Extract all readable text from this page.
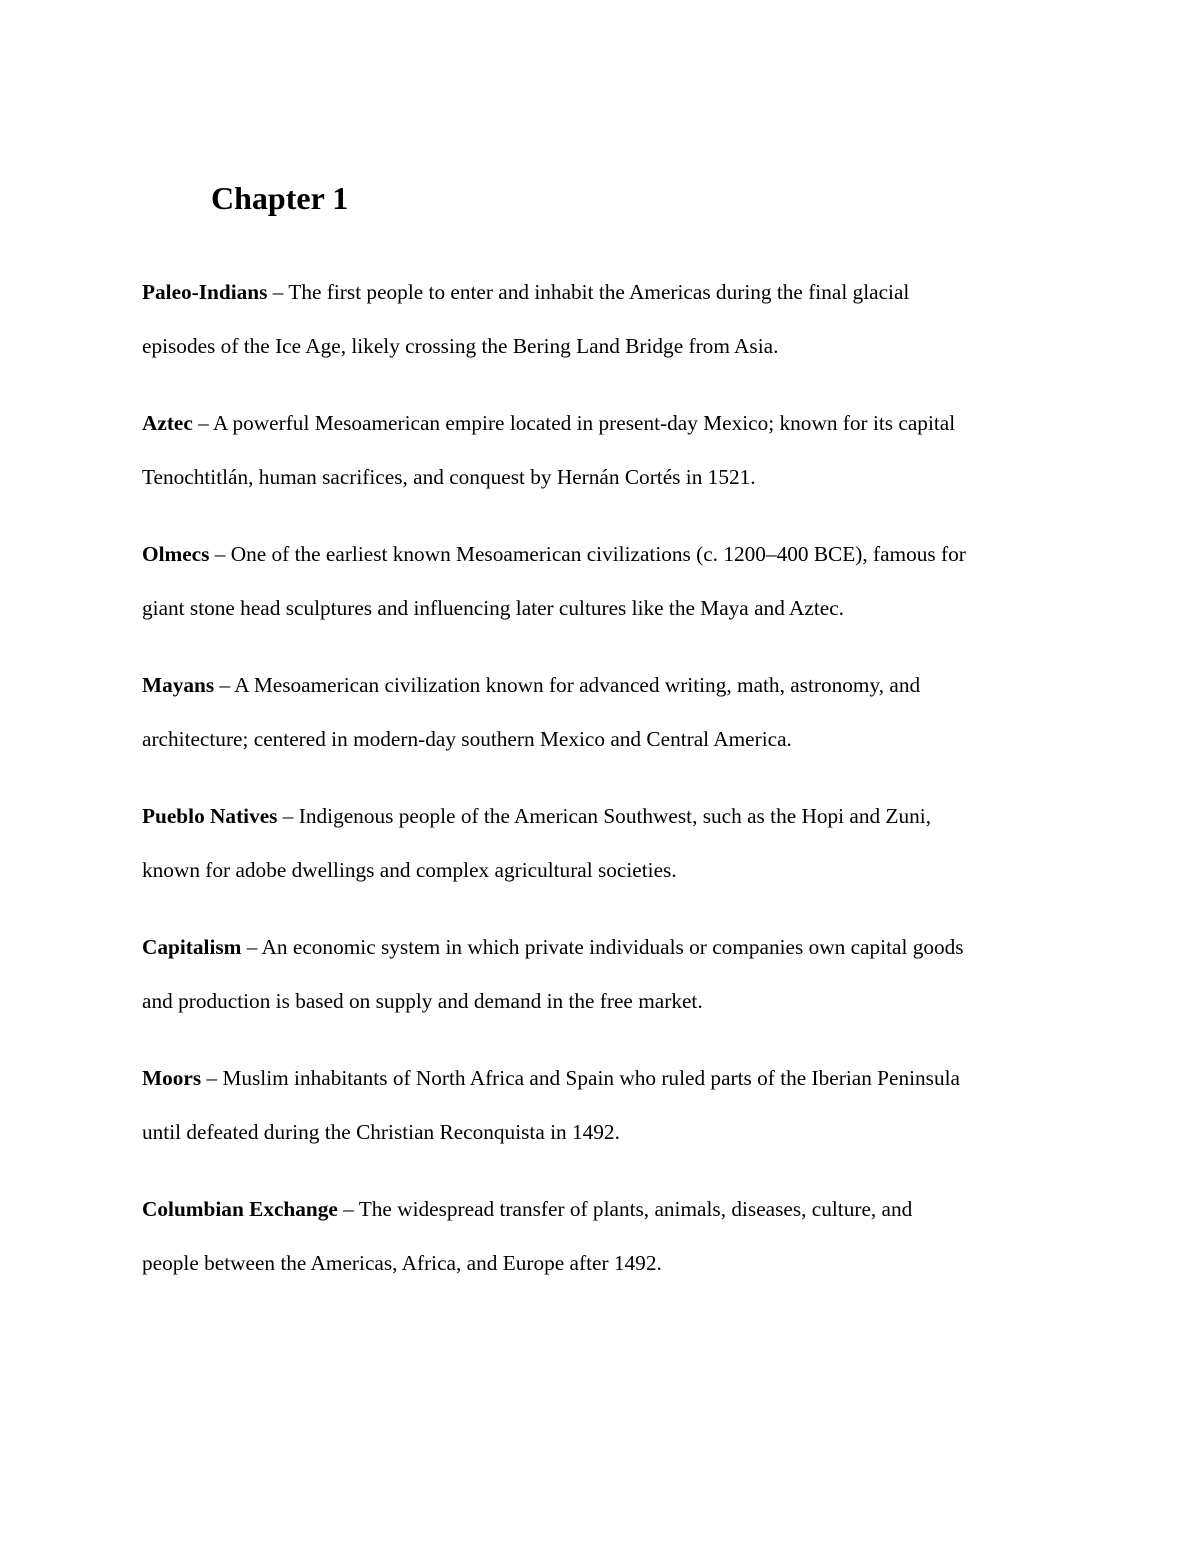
Chapter 1

Paleo-Indians – The first people to enter and inhabit the Americas during the final glacial
episodes of the Ice Age, likely crossing the Bering Land Bridge from Asia.

Aztec – A powerful Mesoamerican empire located in present-day Mexico; known for its capital
Tenochtitlán, human sacrifices, and conquest by Hernán Cortés in 1521.

Olmecs – One of the earliest known Mesoamerican civilizations (c. 1200–400 BCE), famous for
giant stone head sculptures and influencing later cultures like the Maya and Aztec.

Mayans – A Mesoamerican civilization known for advanced writing, math, astronomy, and
architecture; centered in modern-day southern Mexico and Central America.

Pueblo Natives – Indigenous people of the American Southwest, such as the Hopi and Zuni,
known for adobe dwellings and complex agricultural societies.

Capitalism – An economic system in which private individuals or companies own capital goods
and production is based on supply and demand in the free market.

Moors – Muslim inhabitants of North Africa and Spain who ruled parts of the Iberian Peninsula
until defeated during the Christian Reconquista in 1492.

Columbian Exchange – The widespread transfer of plants, animals, diseases, culture, and
people between the Americas, Africa, and Europe after 1492.
